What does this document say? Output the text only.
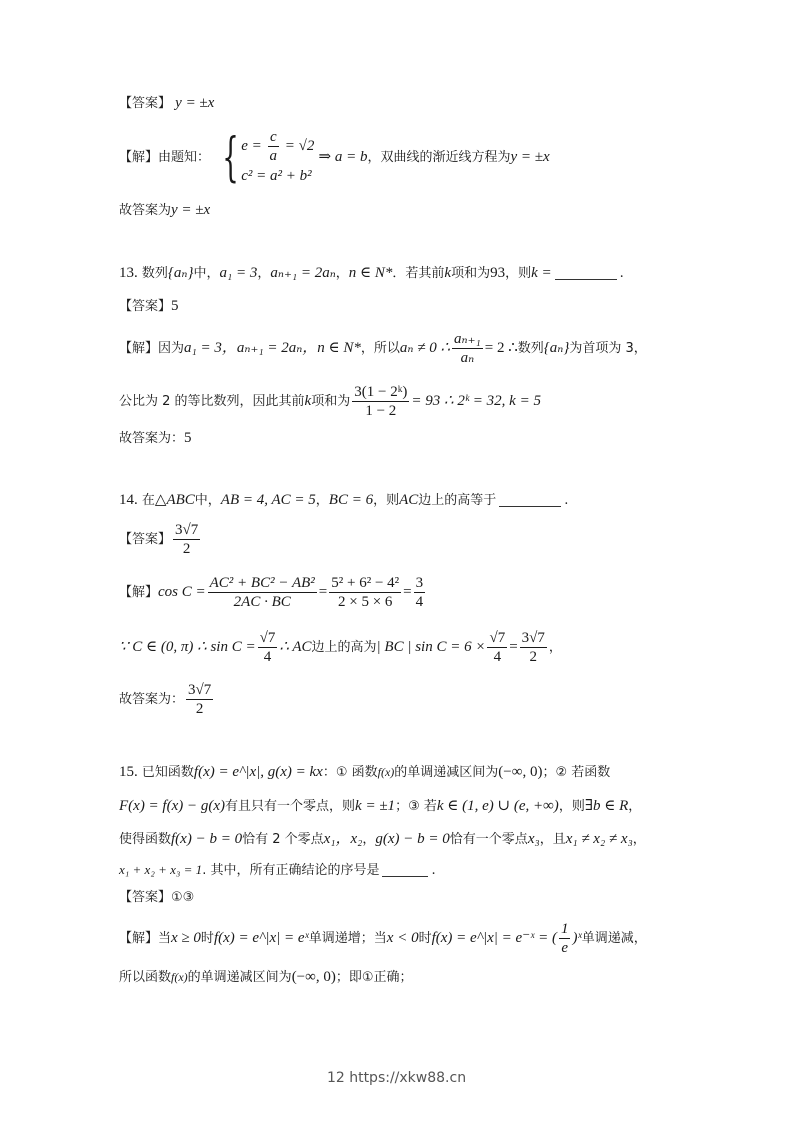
【答案】 y = ±x
【解】由题知： { $e = \frac{c}{a} = √2$
c² = a² + b²
⇒ a = b，双曲线的渐近线方程为y = ±x
故答案为y = ±x
13. 数列{aₙ}中，a₁ = 3，aₙ₊₁ = 2aₙ，n ∈ N*．若其前k项和为93，则k =	.
【答案】5
【解】因为a₁ = 3，aₙ₊₁ = 2aₙ，n ∈ N*，所以aₙ ≠ 0 ∴ $\frac{\text{aₙ₊₁}}{\text{aₙ}} = 2$ ∴数列{aₙ}为首项为 3，
公比为 2 的等比数列，因此其前k项和为 $\frac{\text{3(1 − 2ᵏ)}}{1 - 2} = 93$ ∴ 2ᵏ = 32, k = 5
故答案为：5
14. 在△ABC中，AB = 4, AC = 5，BC = 6，则AC边上的高等于	.
【答案】 $\frac{3√7}{2}$
【解】$\cos C = \frac{\text{AC² + BC² − AB²}}{2AC \cdot BC} = \frac{\text{5² + 6² − 4²}}{2 \times 5 \times 6} = \frac{3}{4}$
∵ C ∈ (0, π) ∴ $\sin C = \frac{√7}{4}$ ∴ AC边上的高为| BC | $\sin C = 6 \times \frac{√7}{4} = \frac{3√7}{2}$ ，
故答案为： $\frac{3√7}{2}$
15. 已知函数f(x) = e^|x|, g(x) = kx：① 函数f(x)的单调递减区间为(−∞, 0)；② 若函数
F(x) = f(x) − g(x)有且只有一个零点，则k = ±1；③ 若k ∈ (1, e) ∪ (e, +∞)，则∃b ∈ R，
使得函数f(x) − b = 0恰有 2 个零点x₁，x₂，g(x) − b = 0恰有一个零点x₃，且x₁ ≠ x₂ ≠ x₃，
x₁ + x₂ + x₃ = 1. 其中，所有正确结论的序号是	.
【答案】①③
【解】当x ≥ 0时f(x) = e^|x| = eˣ单调递增；当x < 0时f(x) = e^|x| = e⁻ˣ = ( $\frac{1}{e}$ )ˣ单调递减，
所以函数f(x)的单调递减区间为(−∞, 0)；即①正确；
12 https://xkw88.cn
